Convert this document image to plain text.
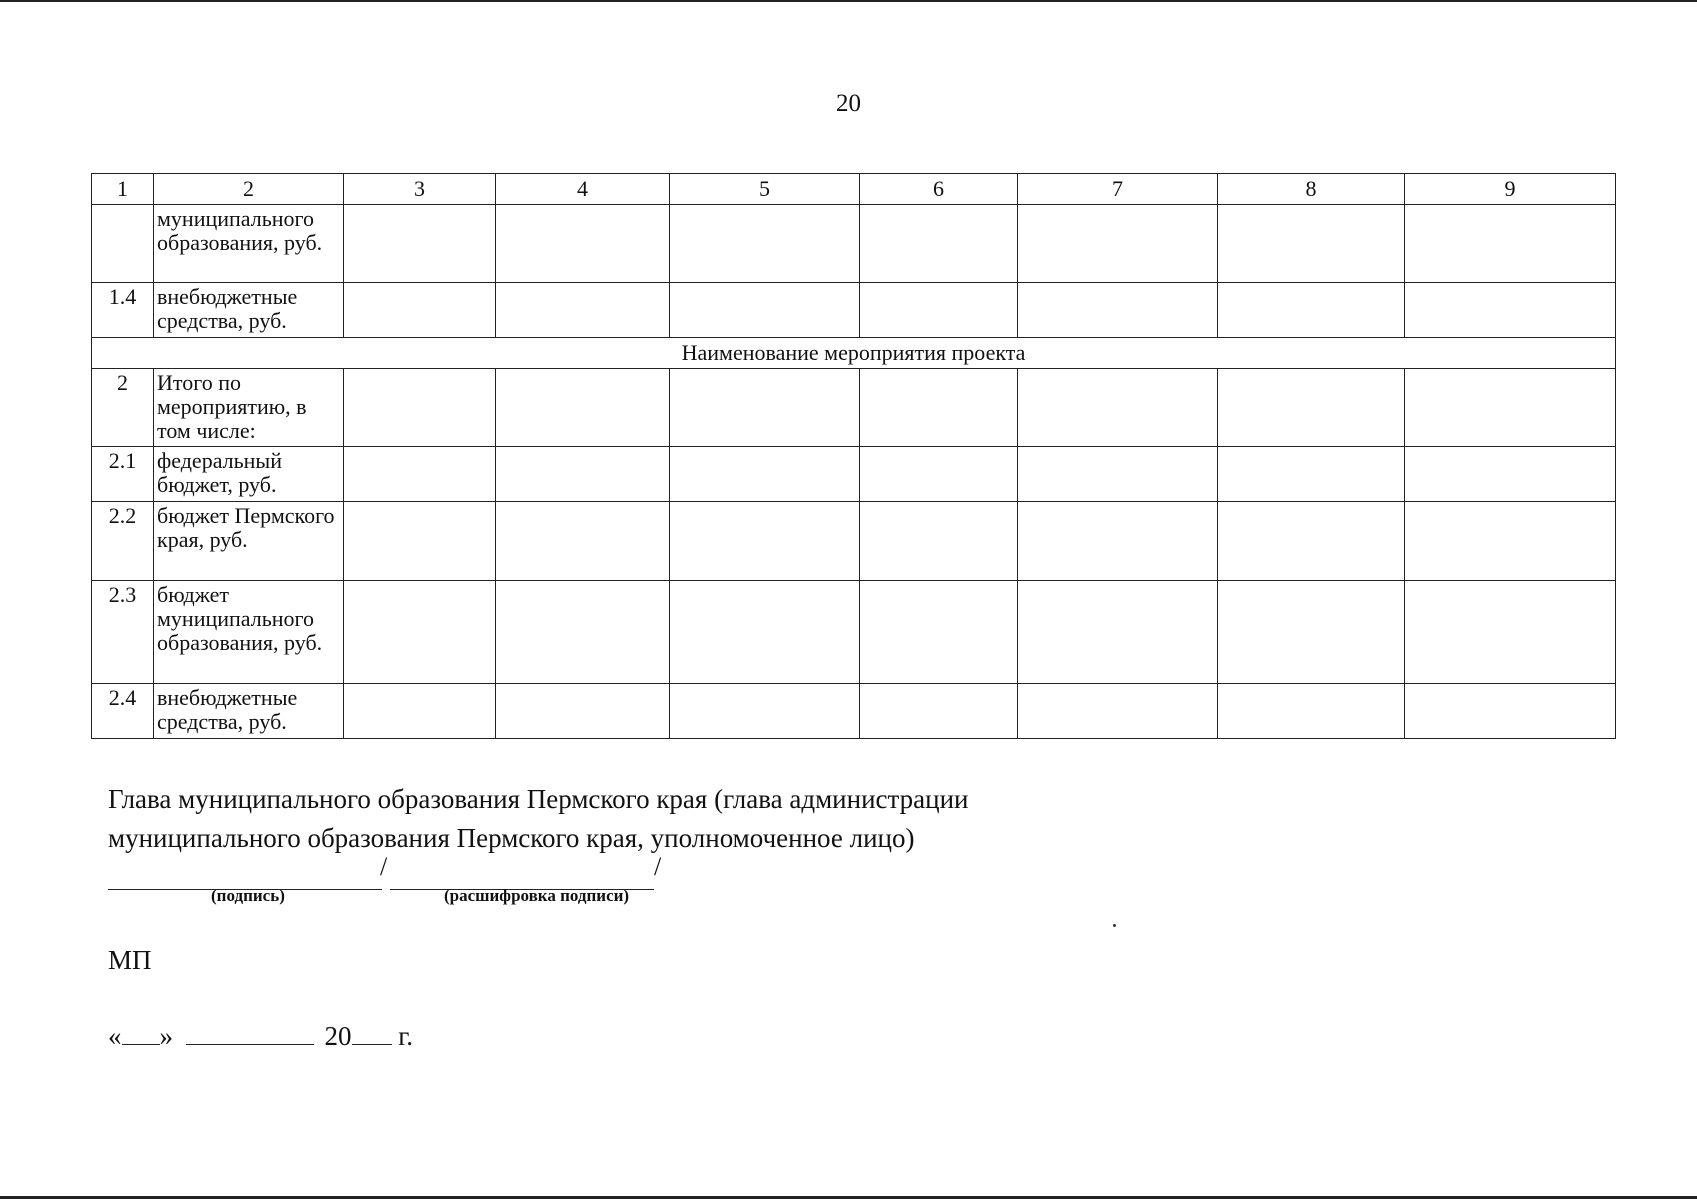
20
1	2	3	4	5	6	7	8	9
	муниципального образования, руб.							
1.4	внебюджетные средства, руб.							
Наименование мероприятия проекта								
2	Итого по мероприятию, в том числе:							
2.1	федеральный бюджет, руб.							
2.2	бюджет Пермского края, руб.							
2.3	бюджет муниципального образования, руб.							
2.4	внебюджетные средства, руб.							
Глава муниципального образования Пермского края (глава администрации
муниципального образования Пермского края, уполномоченное лицо)
/	/
(подпись)	(расшифровка подписи)
МП
« »	20 г.
